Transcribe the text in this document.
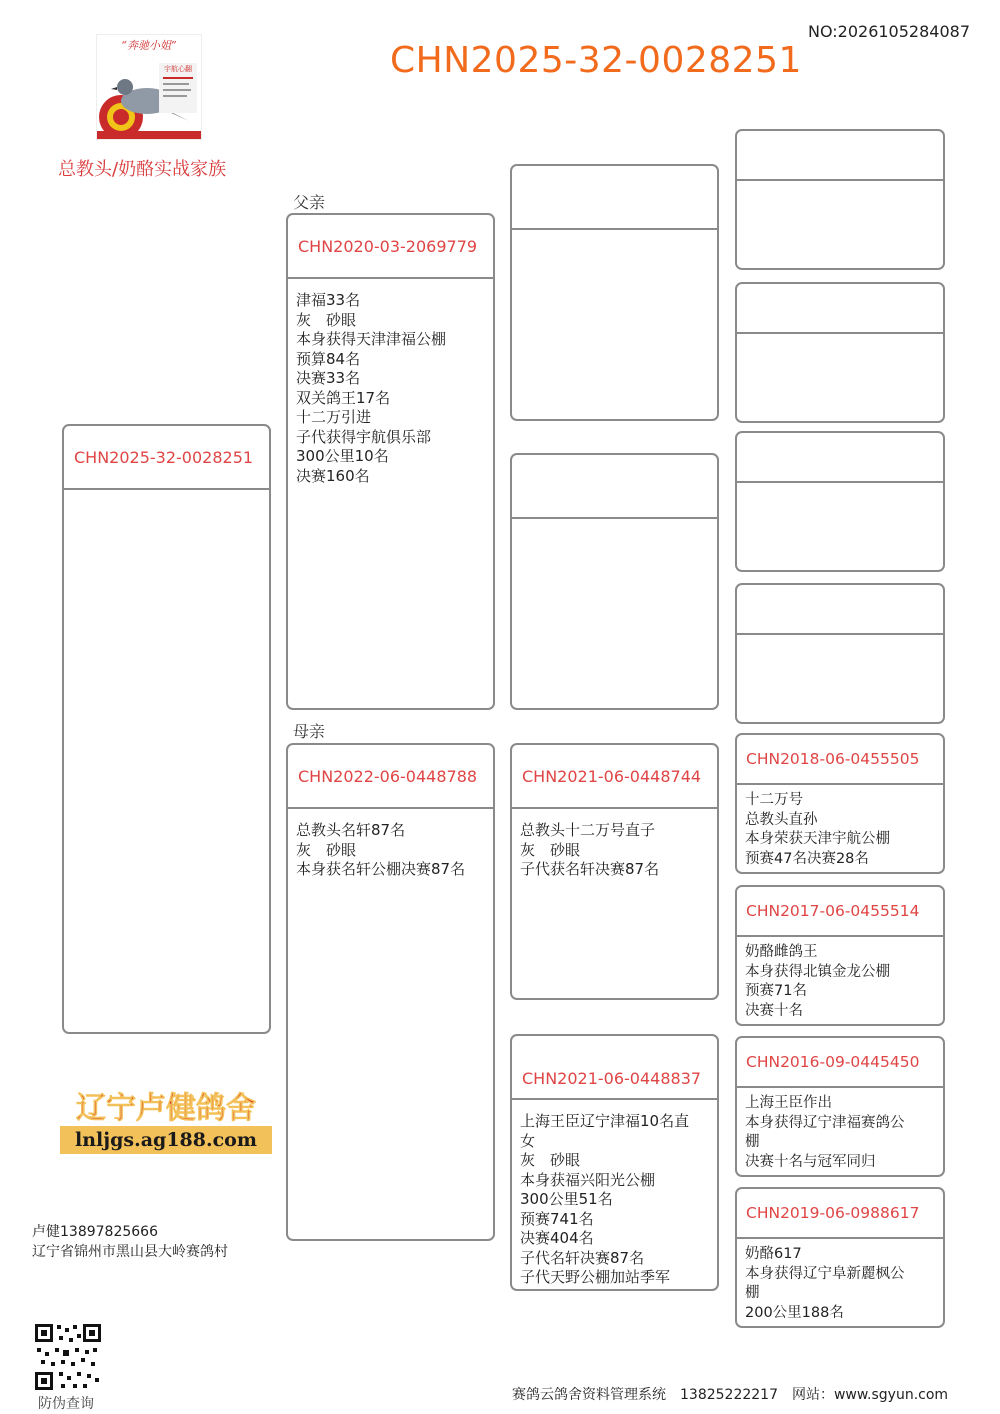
NO:2026105284087
CHN2025-32-0028251
“奔驰小姐”
宇航心翻
总教头/奶酪实战家族
父亲
母亲
CHN2025-32-0028251
CHN2020-03-2069779
津福33名
灰　砂眼
本身获得天津津福公棚
预算84名
决赛33名
双关鸽王17名
十二万引进
子代获得宇航俱乐部
300公里10名
决赛160名
CHN2022-06-0448788
总教头名轩87名
灰　砂眼
本身获名轩公棚决赛87名
CHN2021-06-0448744
总教头十二万号直子
灰　砂眼
子代获名轩决赛87名
CHN2021-06-0448837
上海王臣辽宁津福10名直
女
灰　砂眼
本身获福兴阳光公棚
300公里51名
预赛741名
决赛404名
子代名轩决赛87名
子代天野公棚加站季军
CHN2018-06-0455505
十二万号
总教头直孙
本身荣获天津宇航公棚
预赛47名决赛28名
CHN2017-06-0455514
奶酪雌鸽王
本身获得北镇金龙公棚
预赛71名
决赛十名
CHN2016-09-0445450
上海王臣作出
本身获得辽宁津福赛鸽公
棚
决赛十名与冠军同归
CHN2019-06-0988617
奶酪617
本身获得辽宁阜新麗枫公
棚
200公里188名
辽宁卢健鸽舍
lnljgs.ag188.com
卢健13897825666
辽宁省锦州市黑山县大岭赛鸽村
防伪查询
赛鸽云鸽舍资料管理系统　13825222217　网站：www.sgyun.com
